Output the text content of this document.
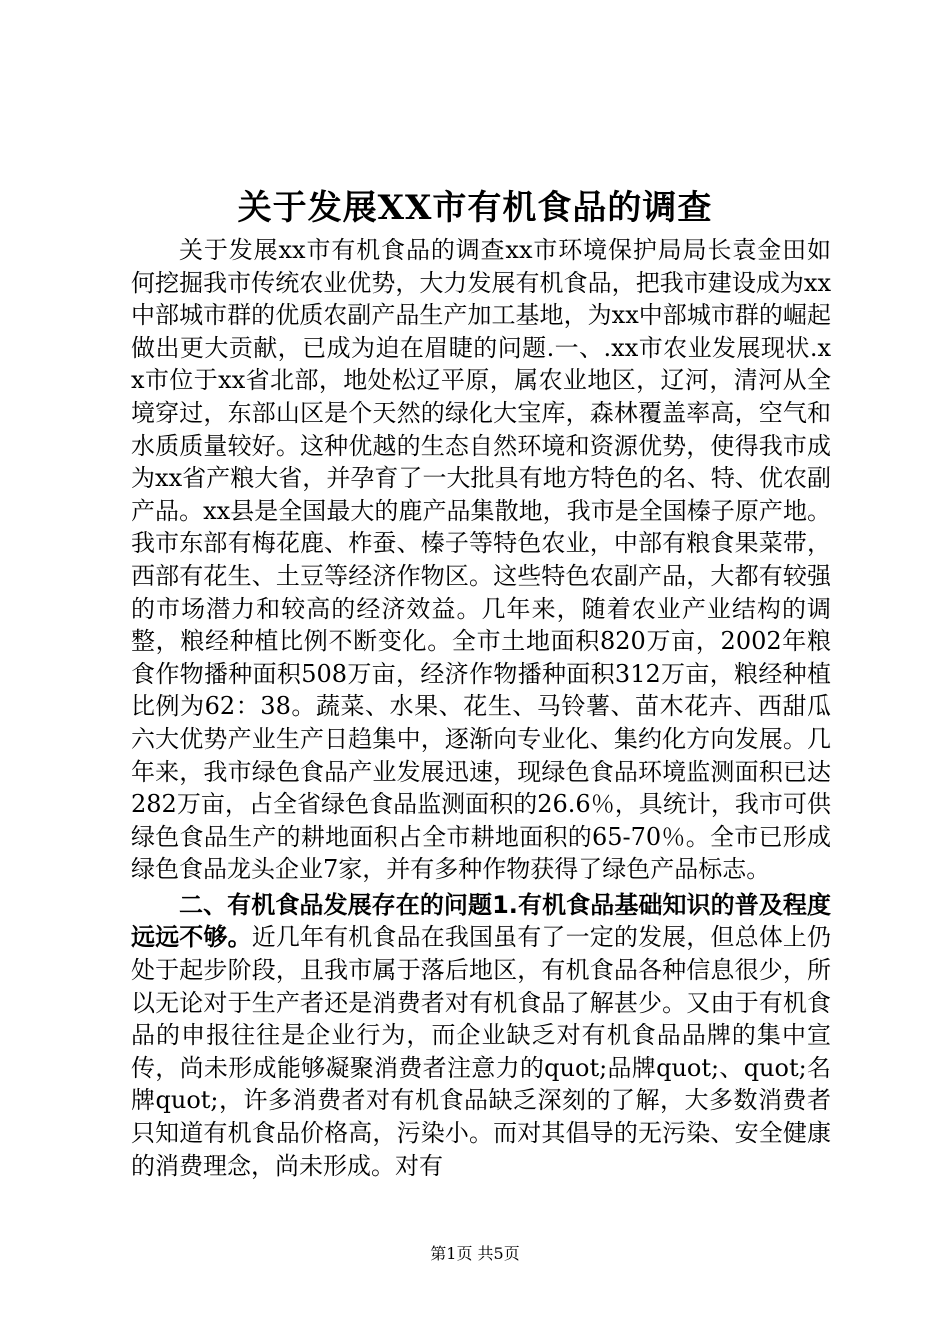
关于发展XX市有机食品的调查

关于发展xx市有机食品的调查xx市环境保护局局长袁金田如何挖掘我市传统农业优势，大力发展有机食品，把我市建设成为xx中部城市群的优质农副产品生产加工基地，为xx中部城市群的崛起做出更大贡献，已成为迫在眉睫的问题.一、.xx市农业发展现状.xx市位于xx省北部，地处松辽平原，属农业地区，辽河，清河从全境穿过，东部山区是个天然的绿化大宝库，森林覆盖率高，空气和水质质量较好。这种优越的生态自然环境和资源优势，使得我市成为xx省产粮大省，并孕育了一大批具有地方特色的名、特、优农副产品。xx县是全国最大的鹿产品集散地，我市是全国榛子原产地。我市东部有梅花鹿、柞蚕、榛子等特色农业，中部有粮食果菜带，西部有花生、土豆等经济作物区。这些特色农副产品，大都有较强的市场潜力和较高的经济效益。几年来，随着农业产业结构的调整，粮经种植比例不断变化。全市土地面积820万亩，2002年粮食作物播种面积508万亩，经济作物播种面积312万亩，粮经种植比例为62：38。蔬菜、水果、花生、马铃薯、苗木花卉、西甜瓜六大优势产业生产日趋集中，逐渐向专业化、集约化方向发展。几年来，我市绿色食品产业发展迅速，现绿色食品环境监测面积已达282万亩，占全省绿色食品监测面积的26.6％，具统计，我市可供绿色食品生产的耕地面积占全市耕地面积的65-70％。全市已形成绿色食品龙头企业7家，并有多种作物获得了绿色产品标志。

二、有机食品发展存在的问题1.有机食品基础知识的普及程度远远不够。近几年有机食品在我国虽有了一定的发展，但总体上仍处于起步阶段，且我市属于落后地区，有机食品各种信息很少，所以无论对于生产者还是消费者对有机食品了解甚少。又由于有机食品的申报往往是企业行为，而企业缺乏对有机食品品牌的集中宣传，尚未形成能够凝聚消费者注意力的quot;品牌quot;、quot;名牌quot;，许多消费者对有机食品缺乏深刻的了解，大多数消费者只知道有机食品价格高，污染小。而对其倡导的无污染、安全健康的消费理念，尚未形成。对有

第1页 共5页
